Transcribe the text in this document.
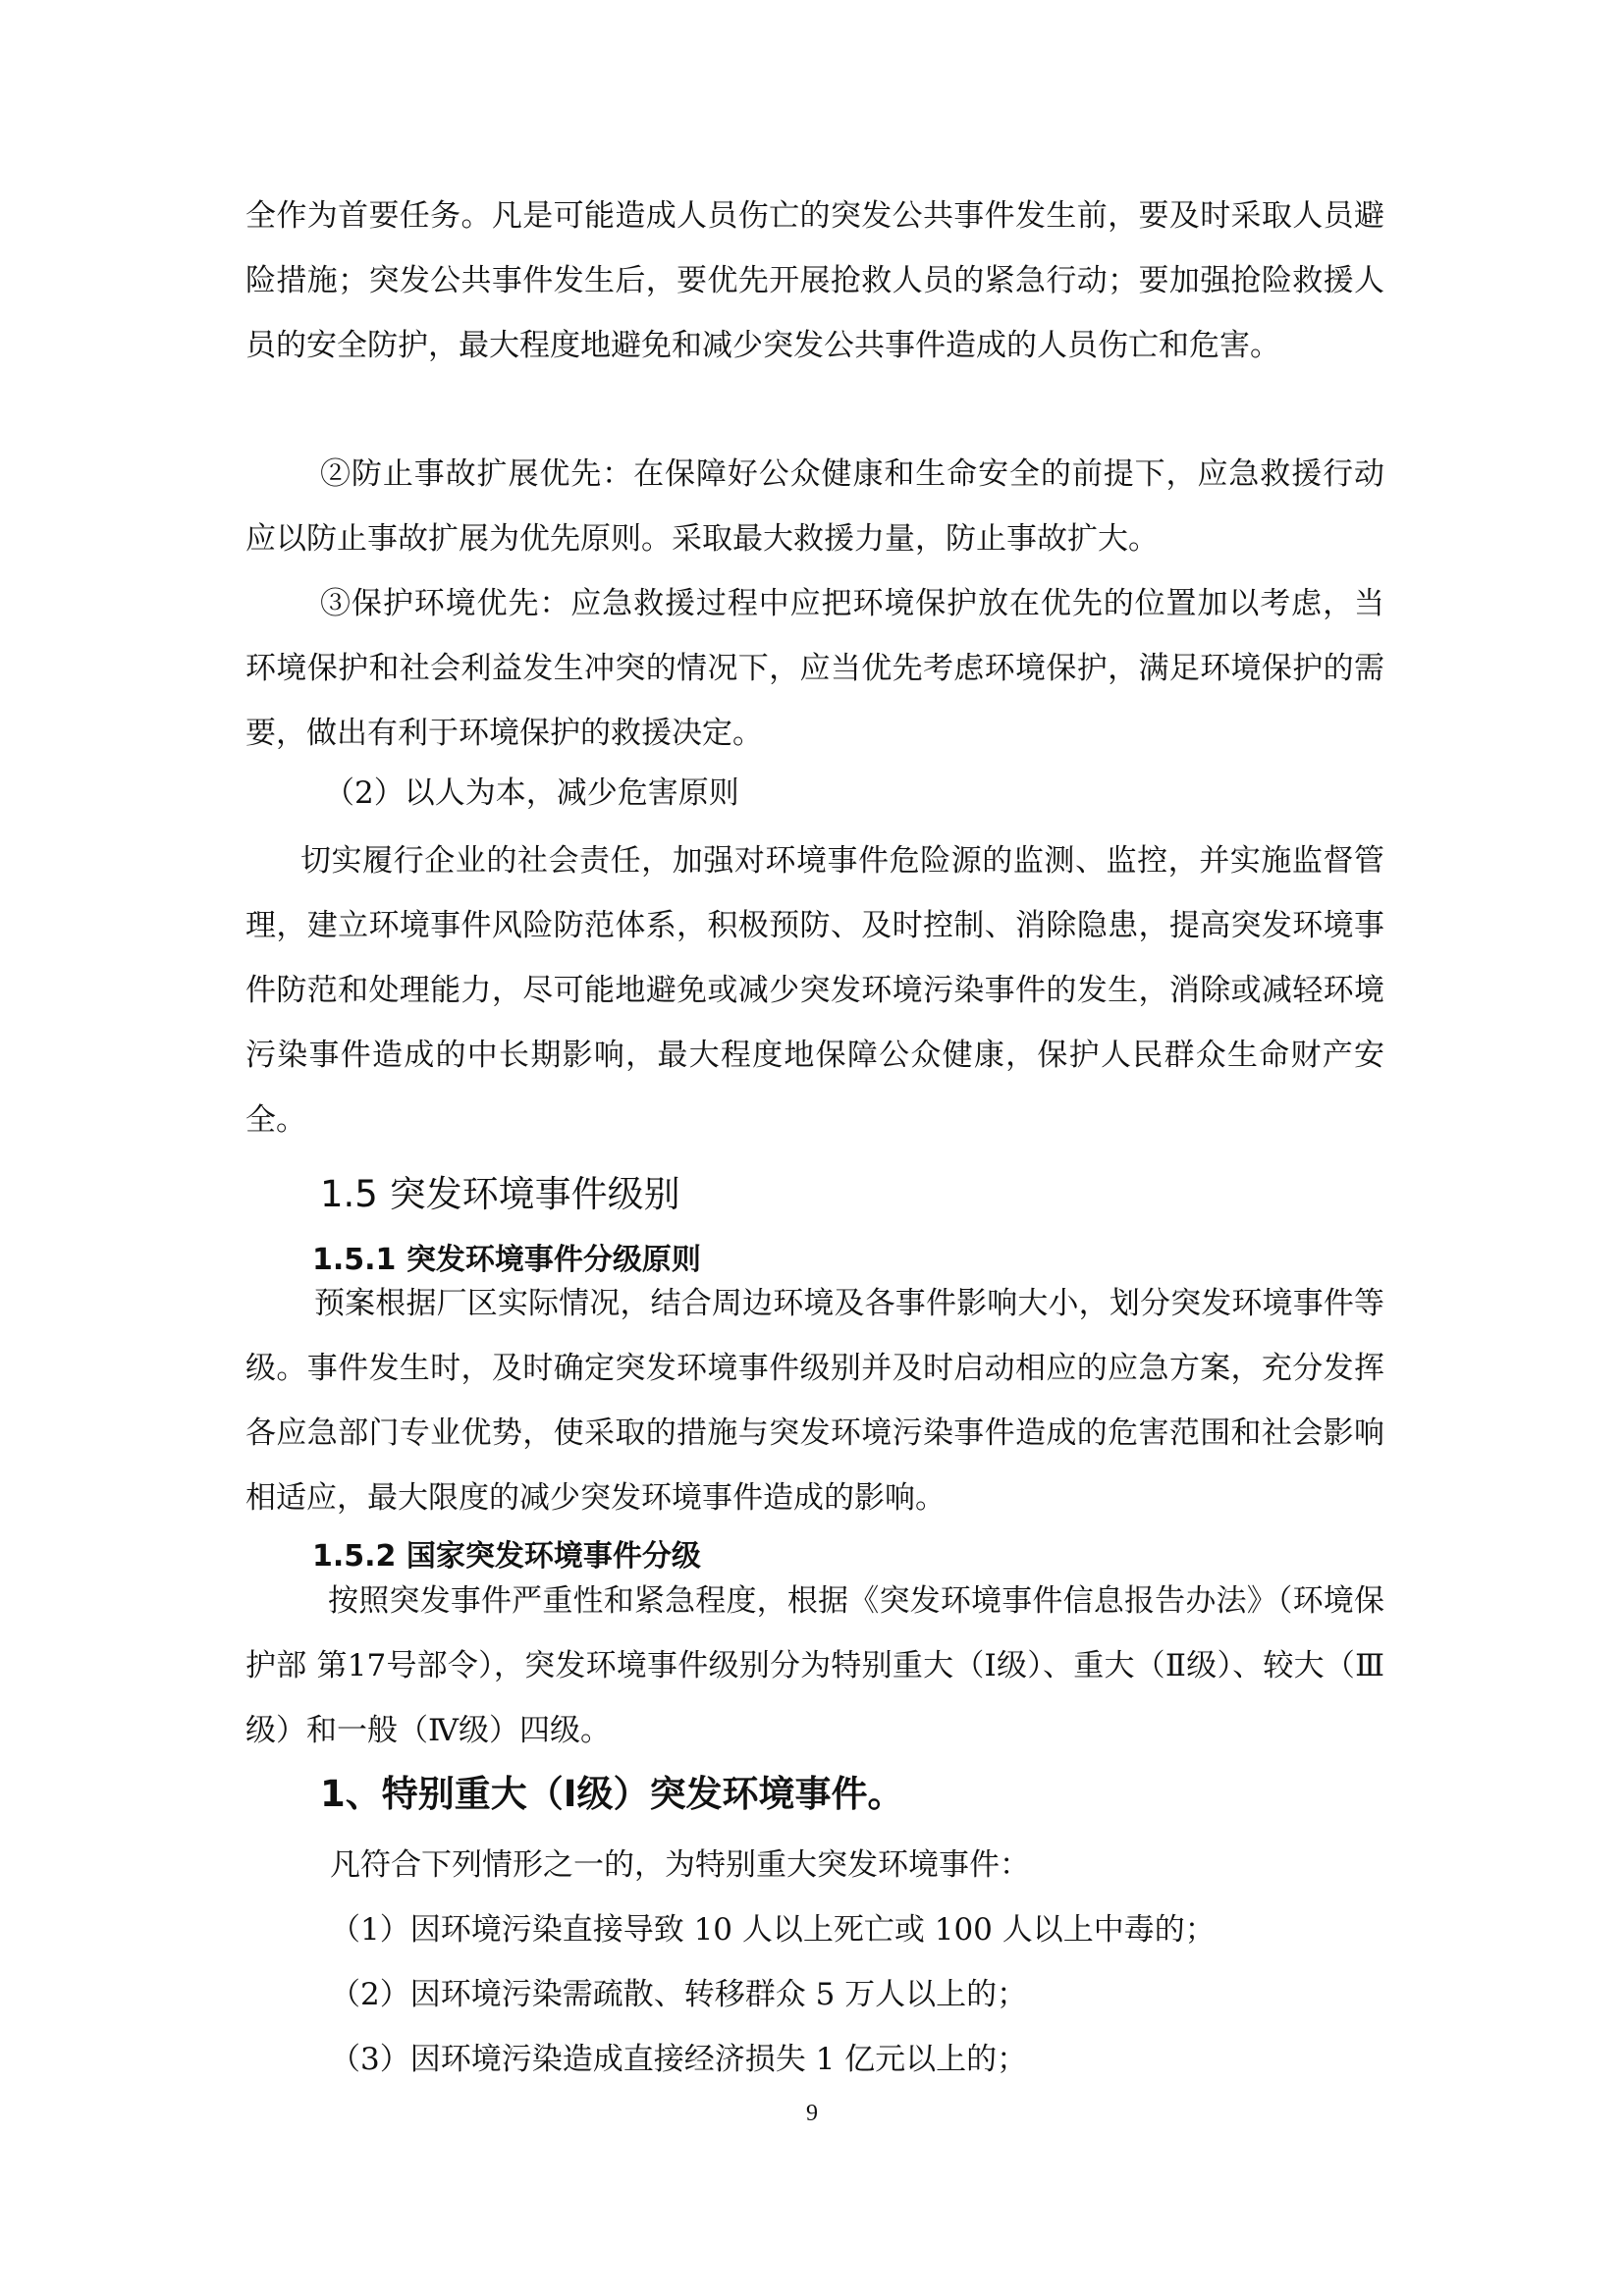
全作为首要任务。凡是可能造成人员伤亡的突发公共事件发生前，要及时采取人员避险措施；突发公共事件发生后，要优先开展抢救人员的紧急行动；要加强抢险救援人员的安全防护，最大程度地避免和减少突发公共事件造成的人员伤亡和危害。

②防止事故扩展优先：在保障好公众健康和生命安全的前提下，应急救援行动应以防止事故扩展为优先原则。采取最大救援力量，防止事故扩大。

③保护环境优先：应急救援过程中应把环境保护放在优先的位置加以考虑，当环境保护和社会利益发生冲突的情况下，应当优先考虑环境保护，满足环境保护的需要，做出有利于环境保护的救援决定。

（2）以人为本，减少危害原则

切实履行企业的社会责任，加强对环境事件危险源的监测、监控，并实施监督管理，建立环境事件风险防范体系，积极预防、及时控制、消除隐患，提高突发环境事件防范和处理能力，尽可能地避免或减少突发环境污染事件的发生，消除或减轻环境污染事件造成的中长期影响，最大程度地保障公众健康，保护人民群众生命财产安全。

1.5 突发环境事件级别
1.5.1 突发环境事件分级原则

预案根据厂区实际情况，结合周边环境及各事件影响大小，划分突发环境事件等级。事件发生时，及时确定突发环境事件级别并及时启动相应的应急方案，充分发挥各应急部门专业优势，使采取的措施与突发环境污染事件造成的危害范围和社会影响相适应，最大限度的减少突发环境事件造成的影响。

1.5.2 国家突发环境事件分级

按照突发事件严重性和紧急程度，根据《突发环境事件信息报告办法》（环境保护部 第17号部令），突发环境事件级别分为特别重大（Ⅰ级）、重大（Ⅱ级）、较大（Ⅲ级）和一般（Ⅳ级）四级。

1、特别重大（Ⅰ级）突发环境事件。

凡符合下列情形之一的，为特别重大突发环境事件：

（1）因环境污染直接导致 10 人以上死亡或 100 人以上中毒的；

（2）因环境污染需疏散、转移群众 5 万人以上的；

（3）因环境污染造成直接经济损失 1 亿元以上的；

9
